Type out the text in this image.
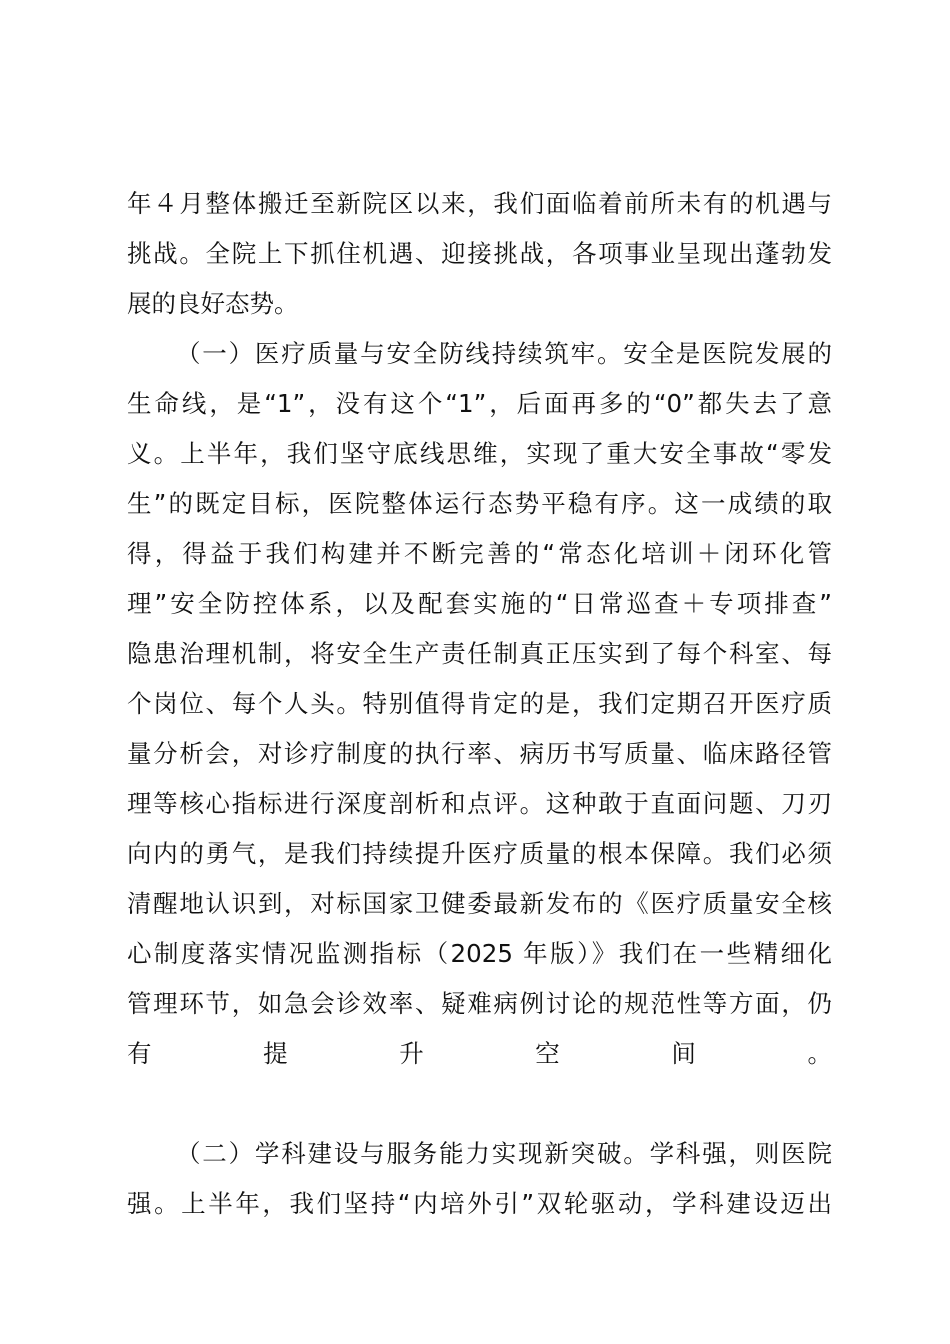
年４月整体搬迁至新院区以来，我们面临着前所未有的机遇与
挑战。全院上下抓住机遇、迎接挑战，各项事业呈现出蓬勃发
展的良好态势。
（一）医疗质量与安全防线持续筑牢。安全是医院发展的
生命线，是“1”，没有这个“1”，后面再多的“0”都失去了意
义。上半年，我们坚守底线思维，实现了重大安全事故“零发
生”的既定目标，医院整体运行态势平稳有序。这一成绩的取
得，得益于我们构建并不断完善的“常态化培训＋闭环化管
理”安全防控体系，以及配套实施的“日常巡查＋专项排查”
隐患治理机制，将安全生产责任制真正压实到了每个科室、每
个岗位、每个人头。特别值得肯定的是，我们定期召开医疗质
量分析会，对诊疗制度的执行率、病历书写质量、临床路径管
理等核心指标进行深度剖析和点评。这种敢于直面问题、刀刃
向内的勇气，是我们持续提升医疗质量的根本保障。我们必须
清醒地认识到，对标国家卫健委最新发布的《医疗质量安全核
心制度落实情况监测指标（2025 年版）》我们在一些精细化
管理环节，如急会诊效率、疑难病例讨论的规范性等方面，仍
有提升空间。
（二）学科建设与服务能力实现新突破。学科强，则医院
强。上半年，我们坚持“内培外引”双轮驱动，学科建设迈出
